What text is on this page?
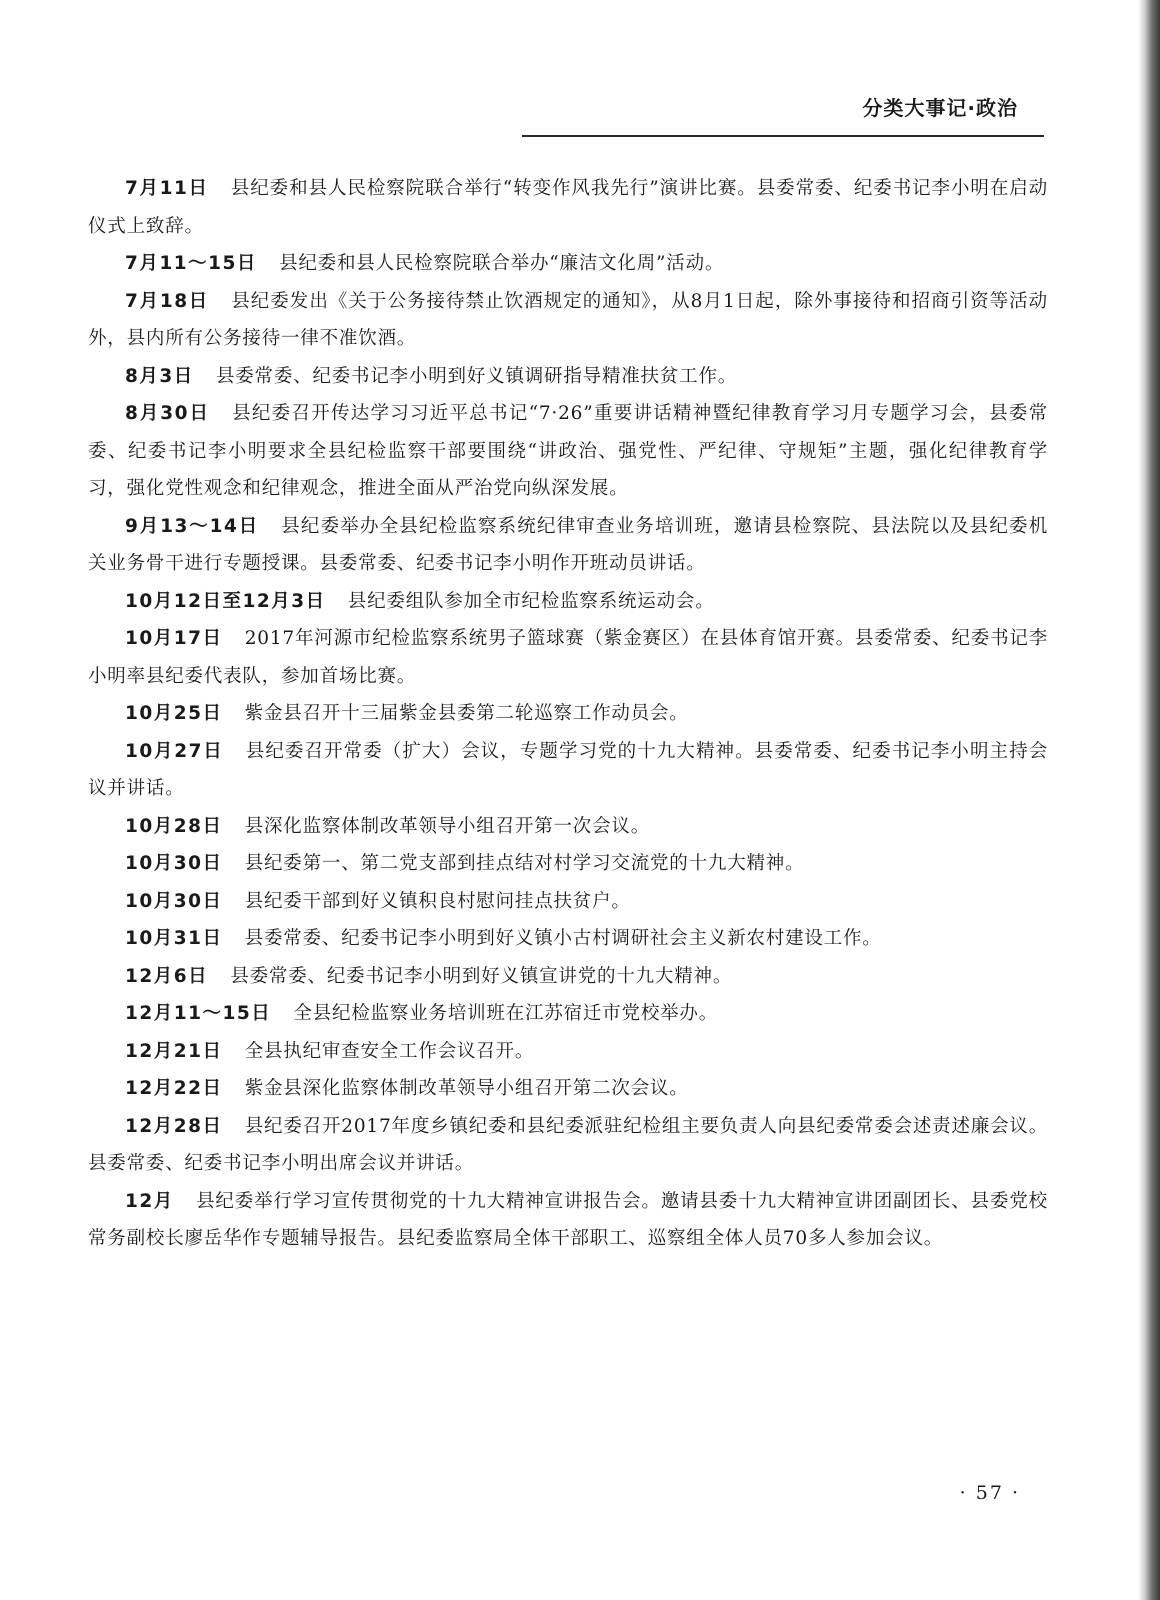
分类大事记·政治

7月11日 县纪委和县人民检察院联合举行“转变作风我先行”演讲比赛。县委常委、纪委书记李小明在启动仪式上致辞。

7月11～15日 县纪委和县人民检察院联合举办“廉洁文化周”活动。

7月18日 县纪委发出《关于公务接待禁止饮酒规定的通知》，从8月1日起，除外事接待和招商引资等活动外，县内所有公务接待一律不准饮酒。

8月3日 县委常委、纪委书记李小明到好义镇调研指导精准扶贫工作。

8月30日 县纪委召开传达学习习近平总书记“7·26”重要讲话精神暨纪律教育学习月专题学习会，县委常委、纪委书记李小明要求全县纪检监察干部要围绕“讲政治、强党性、严纪律、守规矩”主题，强化纪律教育学习，强化党性观念和纪律观念，推进全面从严治党向纵深发展。

9月13～14日 县纪委举办全县纪检监察系统纪律审查业务培训班，邀请县检察院、县法院以及县纪委机关业务骨干进行专题授课。县委常委、纪委书记李小明作开班动员讲话。

10月12日至12月3日 县纪委组队参加全市纪检监察系统运动会。

10月17日 2017年河源市纪检监察系统男子篮球赛（紫金赛区）在县体育馆开赛。县委常委、纪委书记李小明率县纪委代表队，参加首场比赛。

10月25日 紫金县召开十三届紫金县委第二轮巡察工作动员会。

10月27日 县纪委召开常委（扩大）会议，专题学习党的十九大精神。县委常委、纪委书记李小明主持会议并讲话。

10月28日 县深化监察体制改革领导小组召开第一次会议。

10月30日 县纪委第一、第二党支部到挂点结对村学习交流党的十九大精神。

10月30日 县纪委干部到好义镇积良村慰问挂点扶贫户。

10月31日 县委常委、纪委书记李小明到好义镇小古村调研社会主义新农村建设工作。

12月6日 县委常委、纪委书记李小明到好义镇宣讲党的十九大精神。

12月11～15日 全县纪检监察业务培训班在江苏宿迁市党校举办。

12月21日 全县执纪审查安全工作会议召开。

12月22日 紫金县深化监察体制改革领导小组召开第二次会议。

12月28日 县纪委召开2017年度乡镇纪委和县纪委派驻纪检组主要负责人向县纪委常委会述责述廉会议。县委常委、纪委书记李小明出席会议并讲话。

12月 县纪委举行学习宣传贯彻党的十九大精神宣讲报告会。邀请县委十九大精神宣讲团副团长、县委党校常务副校长廖岳华作专题辅导报告。县纪委监察局全体干部职工、巡察组全体人员70多人参加会议。

· 57 ·
